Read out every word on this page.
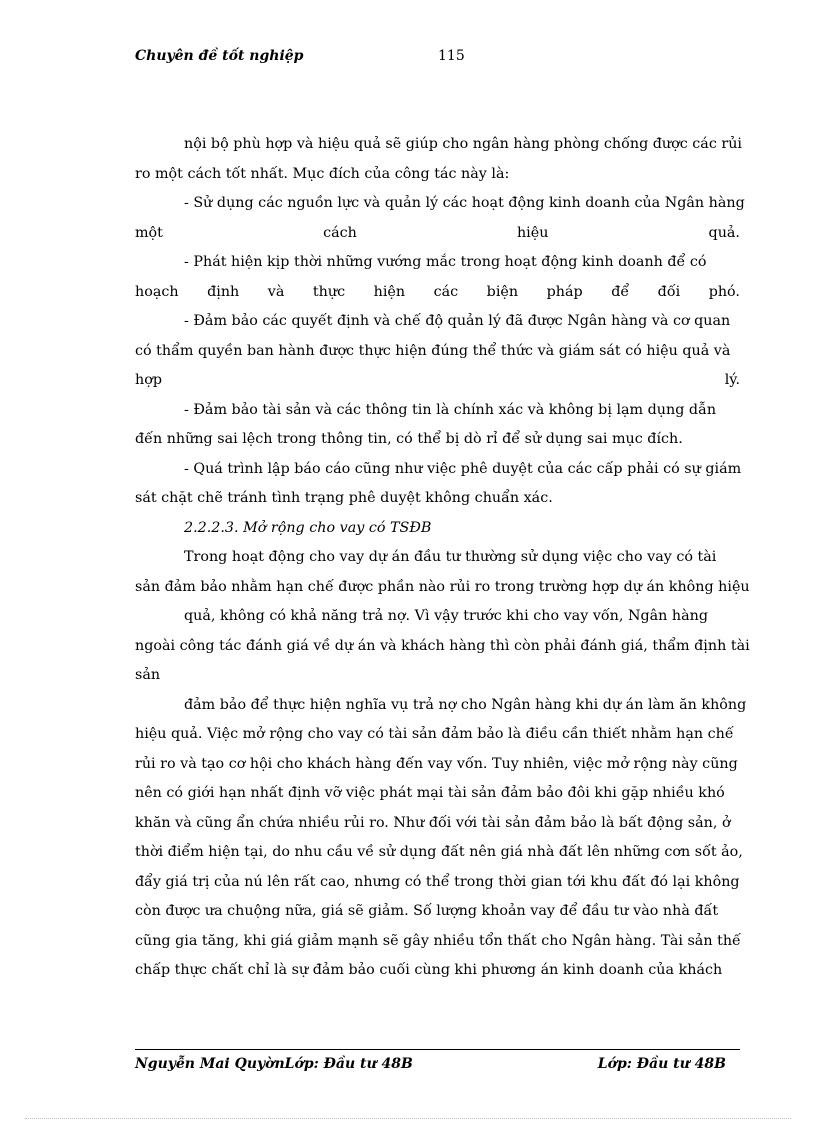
Chuyên đề tốt nghiệp	115
nội bộ phù hợp và hiệu quả sẽ giúp cho ngân hàng phòng chống được các rủi
ro một cách tốt nhất. Mục đích của công tác này là:
- Sử dụng các nguồn lực và quản lý các hoạt động kinh doanh của Ngân hàng
một	cách	hiệu	quả.
- Phát hiện kịp thời những vướng mắc trong hoạt động kinh doanh để có
hoạch định và thực hiện các biện pháp để đối phó.
- Đảm bảo các quyết định và chế độ quản lý đã được Ngân hàng và cơ quan
có thẩm quyền ban hành được thực hiện đúng thể thức và giám sát có hiệu quả và
hợp	lý.
- Đảm bảo tài sản và các thông tin là chính xác và không bị lạm dụng dẫn
đến những sai lệch trong thông tin, có thể bị dò rỉ để sử dụng sai mục đích.
- Quá trình lập báo cáo cũng như việc phê duyệt của các cấp phải có sự giám
sát chặt chẽ tránh tình trạng phê duyệt không chuẩn xác.
2.2.2.3. Mở rộng cho vay có TSĐB
Trong hoạt động cho vay dự án đầu tư thường sử dụng việc cho vay có tài
sản đảm bảo nhằm hạn chế được phần nào rủi ro trong trường hợp dự án không hiệu
quả, không có khả năng trả nợ. Vì vậy trước khi cho vay vốn, Ngân hàng
ngoài công tác đánh giá về dự án và khách hàng thì còn phải đánh giá, thẩm định tài
sản
đảm bảo để thực hiện nghĩa vụ trả nợ cho Ngân hàng khi dự án làm ăn không
hiệu quả. Việc mở rộng cho vay có tài sản đảm bảo là điều cần thiết nhằm hạn chế
rủi ro và tạo cơ hội cho khách hàng đến vay vốn. Tuy nhiên, việc mở rộng này cũng
nên có giới hạn nhất định vỡ việc phát mại tài sản đảm bảo đôi khi gặp nhiều khó
khăn và cũng ẩn chứa nhiều rủi ro. Như đối với tài sản đảm bảo là bất động sản, ở
thời điểm hiện tại, do nhu cầu về sử dụng đất nên giá nhà đất lên những cơn sốt ảo,
đẩy giá trị của nú lên rất cao, nhưng có thể trong thời gian tới khu đất đó lại không
còn được ưa chuộng nữa, giá sẽ giảm. Số lượng khoản vay để đầu tư vào nhà đất
cũng gia tăng, khi giá giảm mạnh sẽ gây nhiều tổn thất cho Ngân hàng. Tài sản thế
chấp thực chất chỉ là sự đảm bảo cuối cùng khi phương án kinh doanh của khách
Nguyễn Mai QuyờnLớp: Đầu tư 48B	Lớp: Đầu tư 48B
